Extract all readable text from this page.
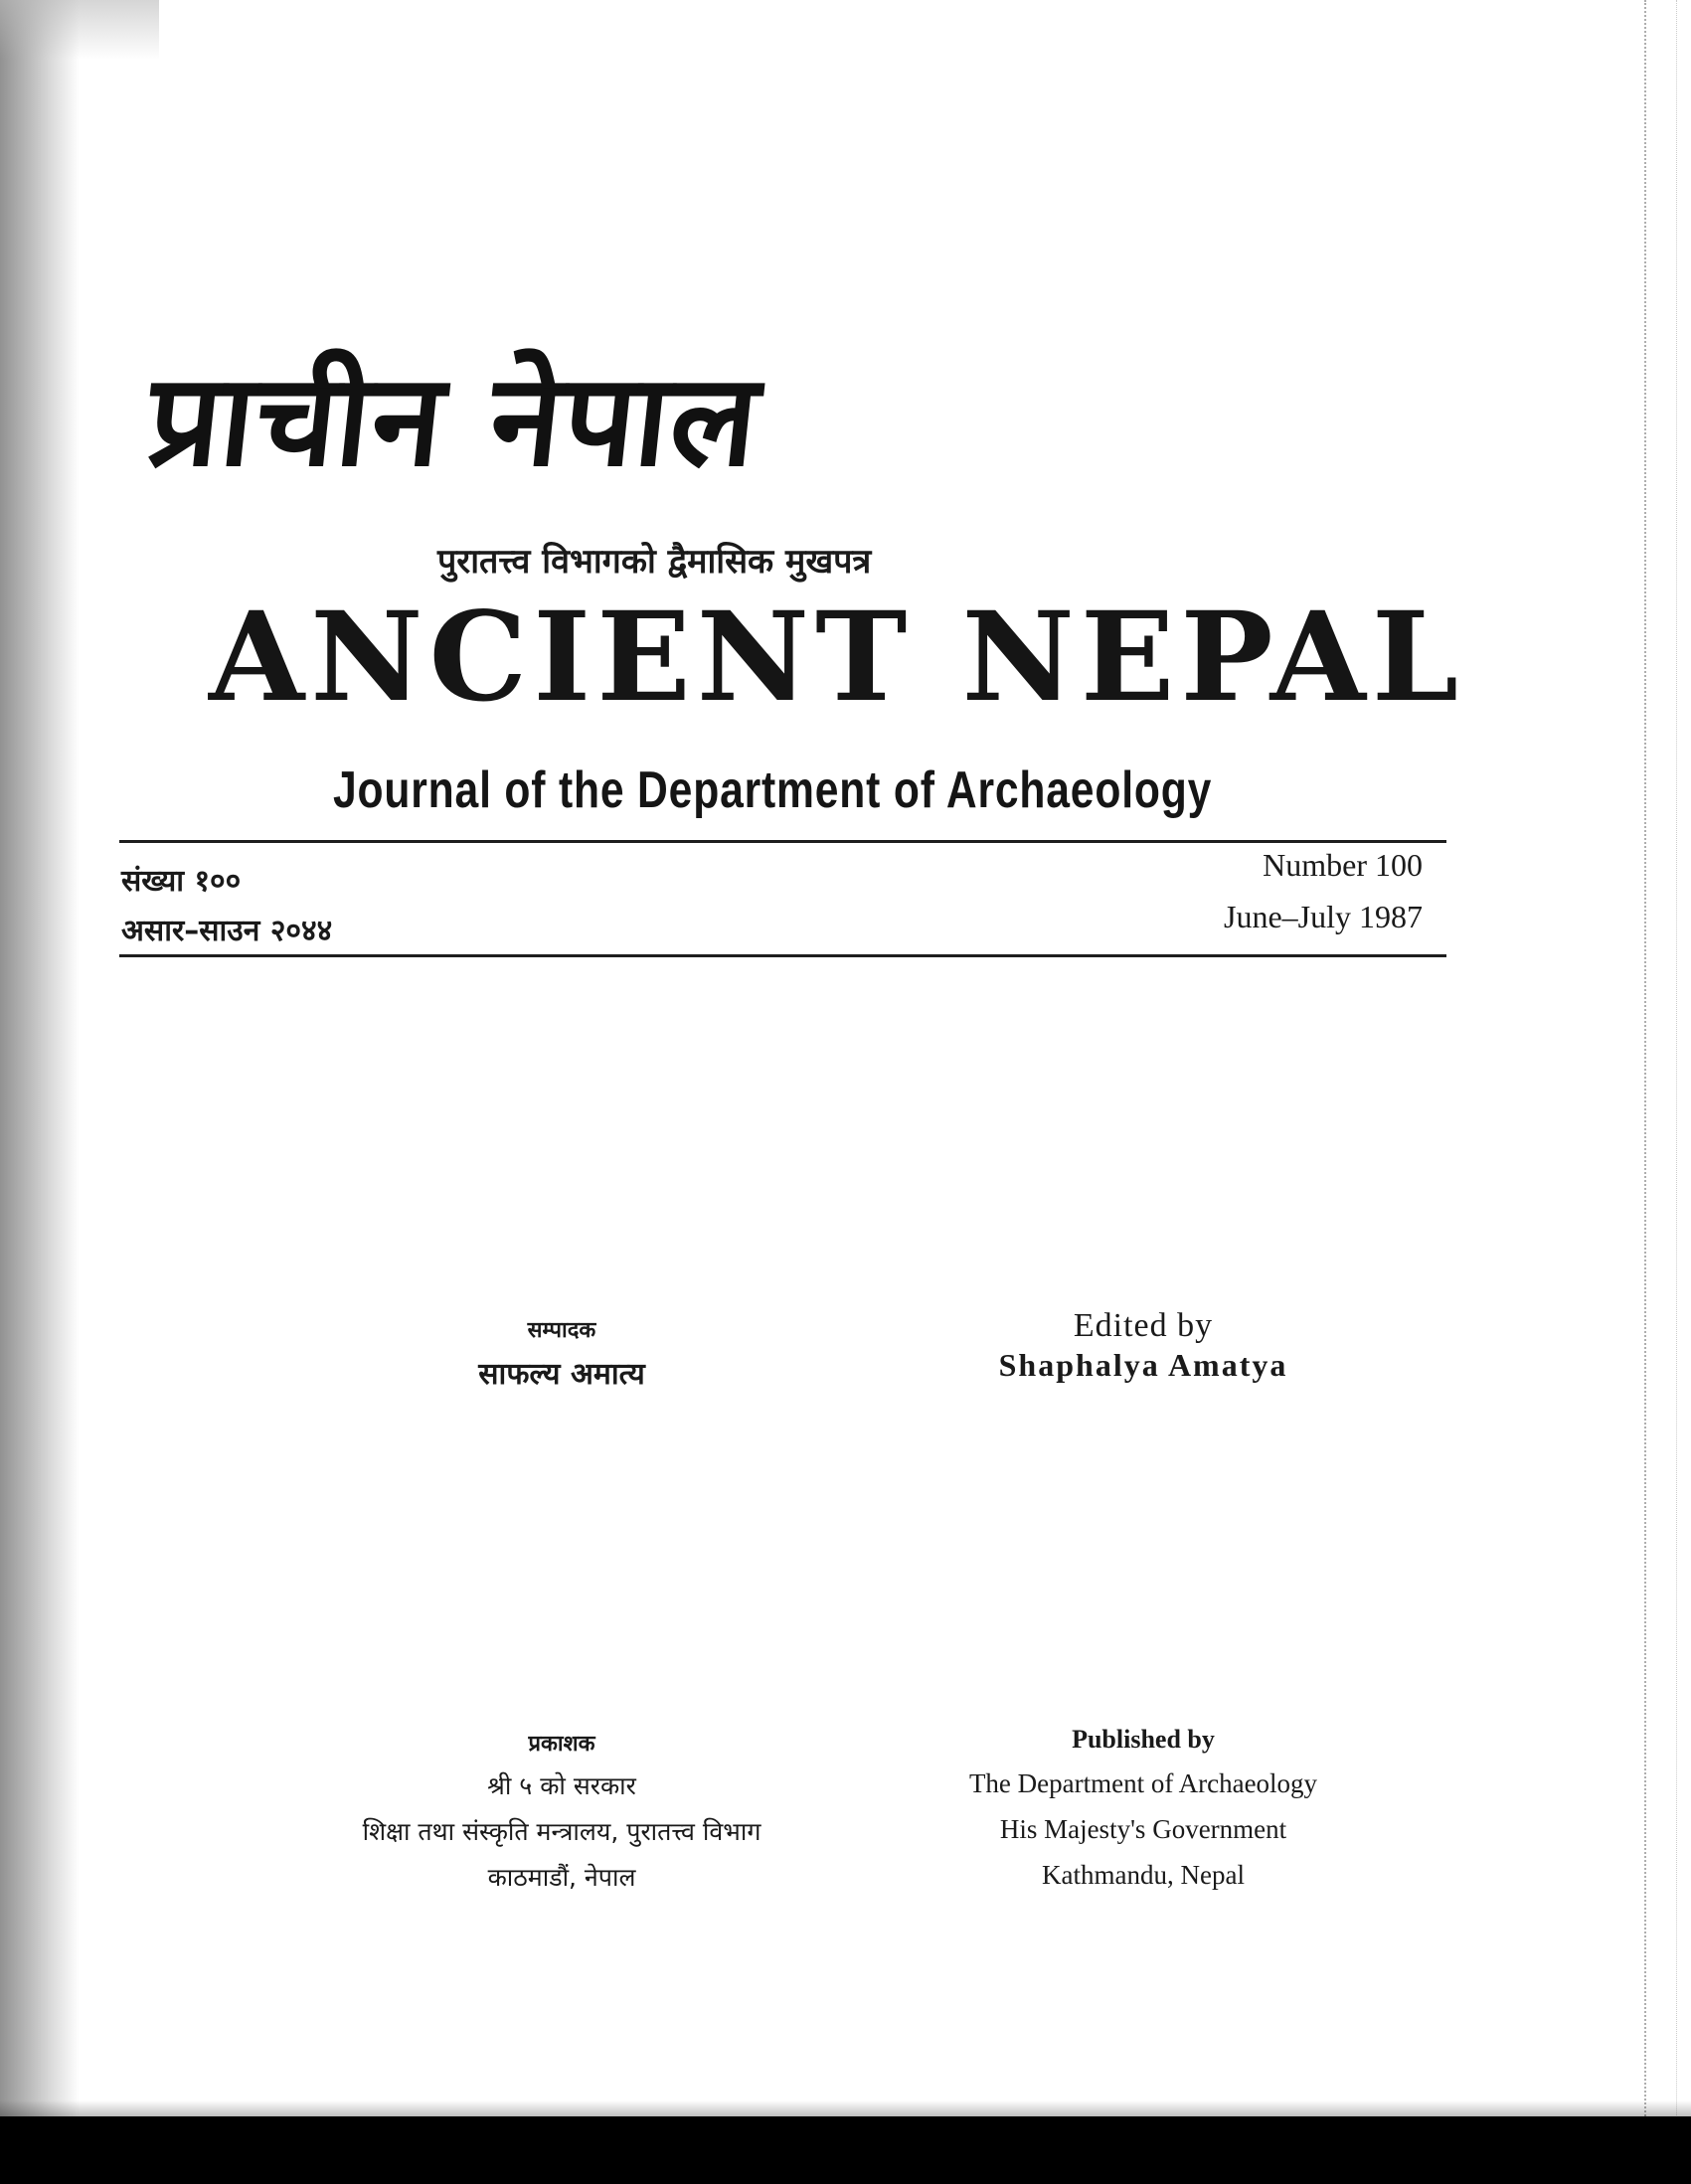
प्राचीन नेपाल
पुरातत्त्व विभागको द्वैमासिक मुखपत्र
ANCIENT NEPAL
Journal of the Department of Archaeology
संख्या १००
असार–साउन २०४४
Number 100
June–July 1987
सम्पादक
साफल्य अमात्य
Edited by
Shaphalya Amatya
प्रकाशक
श्री ५ को सरकार
शिक्षा तथा संस्कृति मन्त्रालय, पुरातत्त्व विभाग
काठमाडौं, नेपाल
Published by
The Department of Archaeology
His Majesty's Government
Kathmandu, Nepal
